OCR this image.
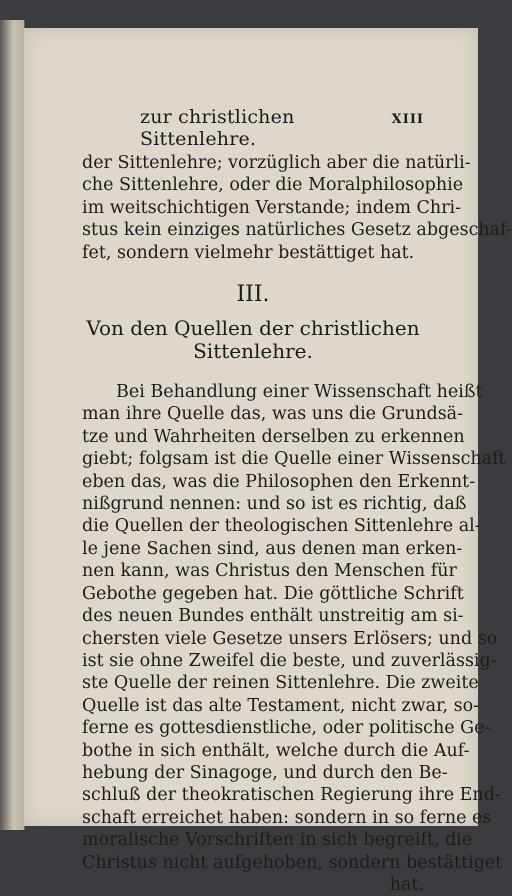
zur christlichen Sittenlehre.
XIII
der Sittenlehre; vorzüglich aber die natürli-
che Sittenlehre, oder die Moralphilosophie
im weitschichtigen Verstande; indem Chri-
stus kein einziges natürliches Gesetz abgeschaf-
fet, sondern vielmehr bestättiget hat.
III.
Von den Quellen der christlichen
Sittenlehre.
Bei Behandlung einer Wissenschaft heißt
man ihre Quelle das, was uns die Grundsä-
tze und Wahrheiten derselben zu erkennen
giebt; folgsam ist die Quelle einer Wissenschaft
eben das, was die Philosophen den Erkennt-
nißgrund nennen: und so ist es richtig, daß
die Quellen der theologischen Sittenlehre al-
le jene Sachen sind, aus denen man erken-
nen kann, was Christus den Menschen für
Gebothe gegeben hat. Die göttliche Schrift
des neuen Bundes enthält unstreitig am si-
chersten viele Gesetze unsers Erlösers; und so
ist sie ohne Zweifel die beste, und zuverlässig-
ste Quelle der reinen Sittenlehre. Die zweite
Quelle ist das alte Testament, nicht zwar, so-
ferne es gottesdienstliche, oder politische Ge-
bothe in sich enthält, welche durch die Auf-
hebung der Sinagoge, und durch den Be-
schluß der theokratischen Regierung ihre End-
schaft erreichet haben: sondern in so ferne es
moralische Vorschriften in sich begreift, die
Christus nicht aufgehoben, sondern bestättiget
hat.
